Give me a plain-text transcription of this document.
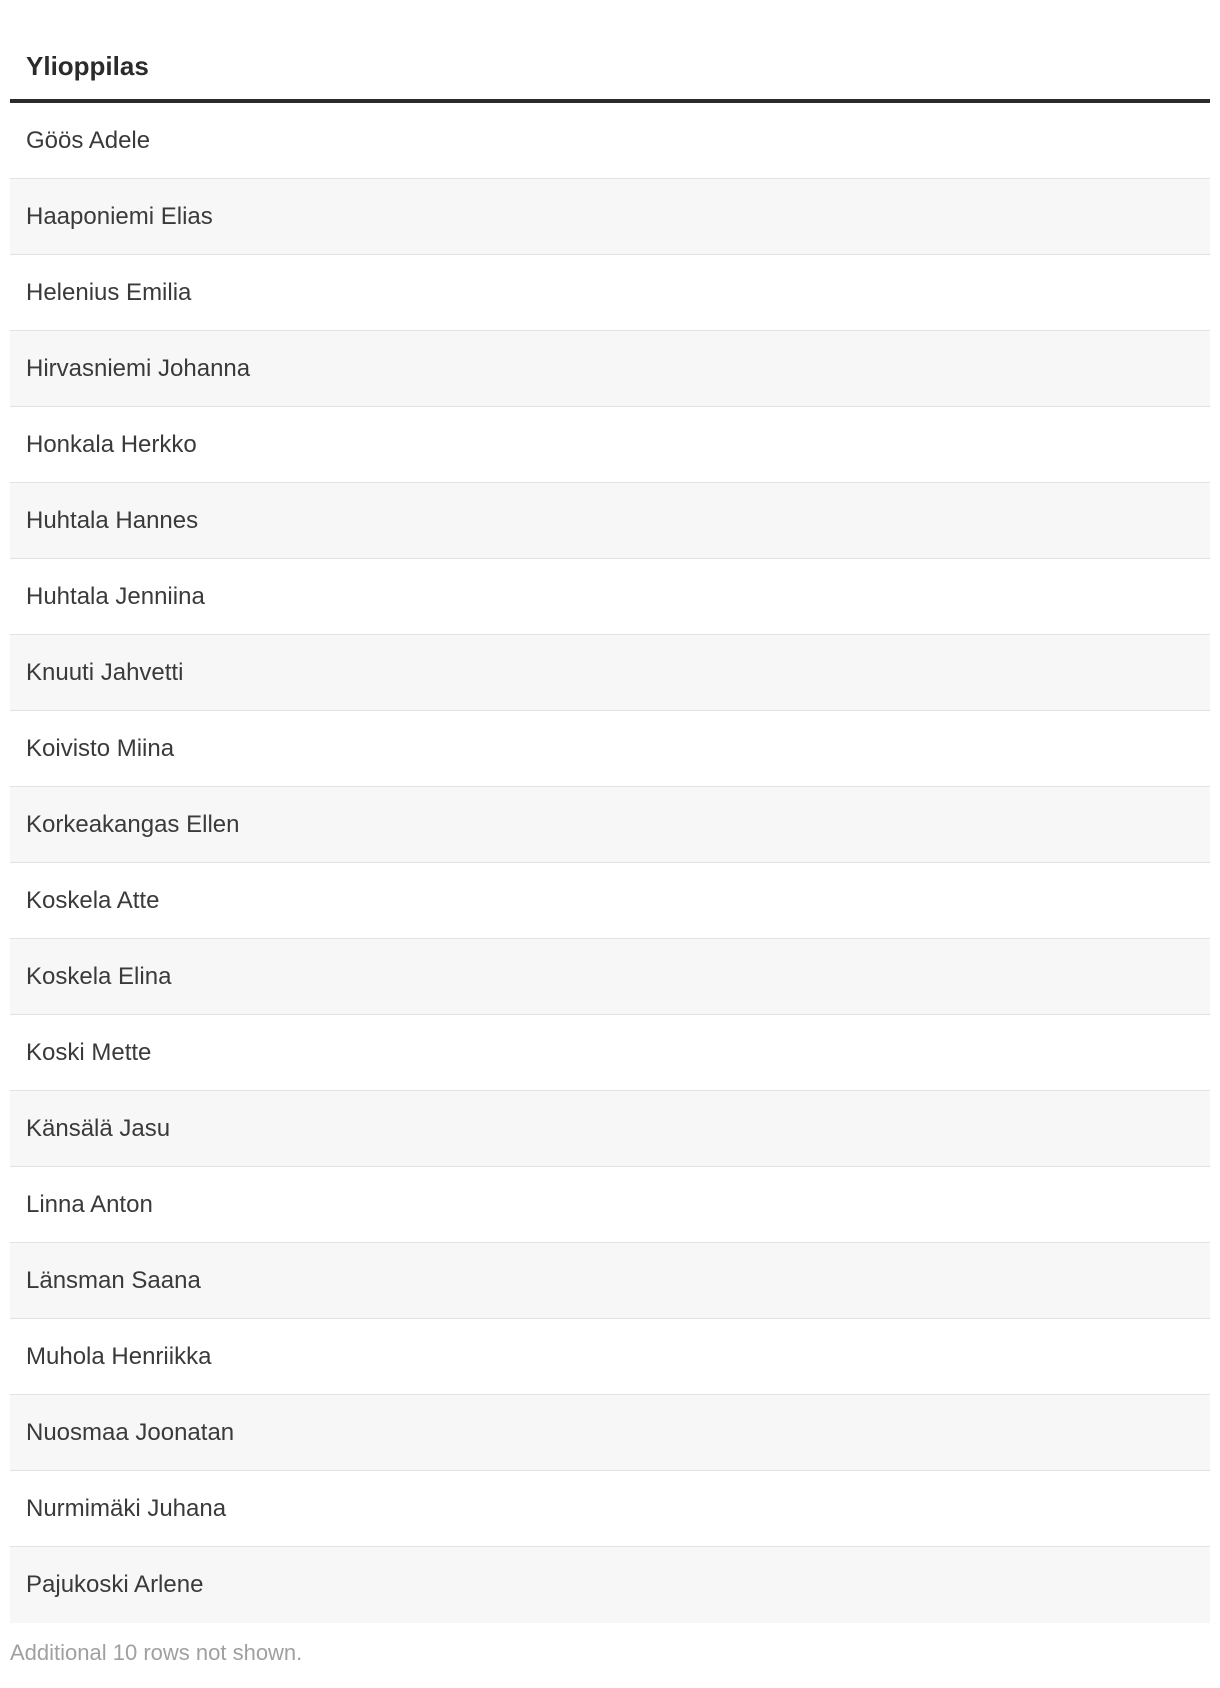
Ylioppilas
Göös Adele
Haaponiemi Elias
Helenius Emilia
Hirvasniemi Johanna
Honkala Herkko
Huhtala Hannes
Huhtala Jenniina
Knuuti Jahvetti
Koivisto Miina
Korkeakangas Ellen
Koskela Atte
Koskela Elina
Koski Mette
Känsälä Jasu
Linna Anton
Länsman Saana
Muhola Henriikka
Nuosmaa Joonatan
Nurmimäki Juhana
Pajukoski Arlene
Additional 10 rows not shown.
